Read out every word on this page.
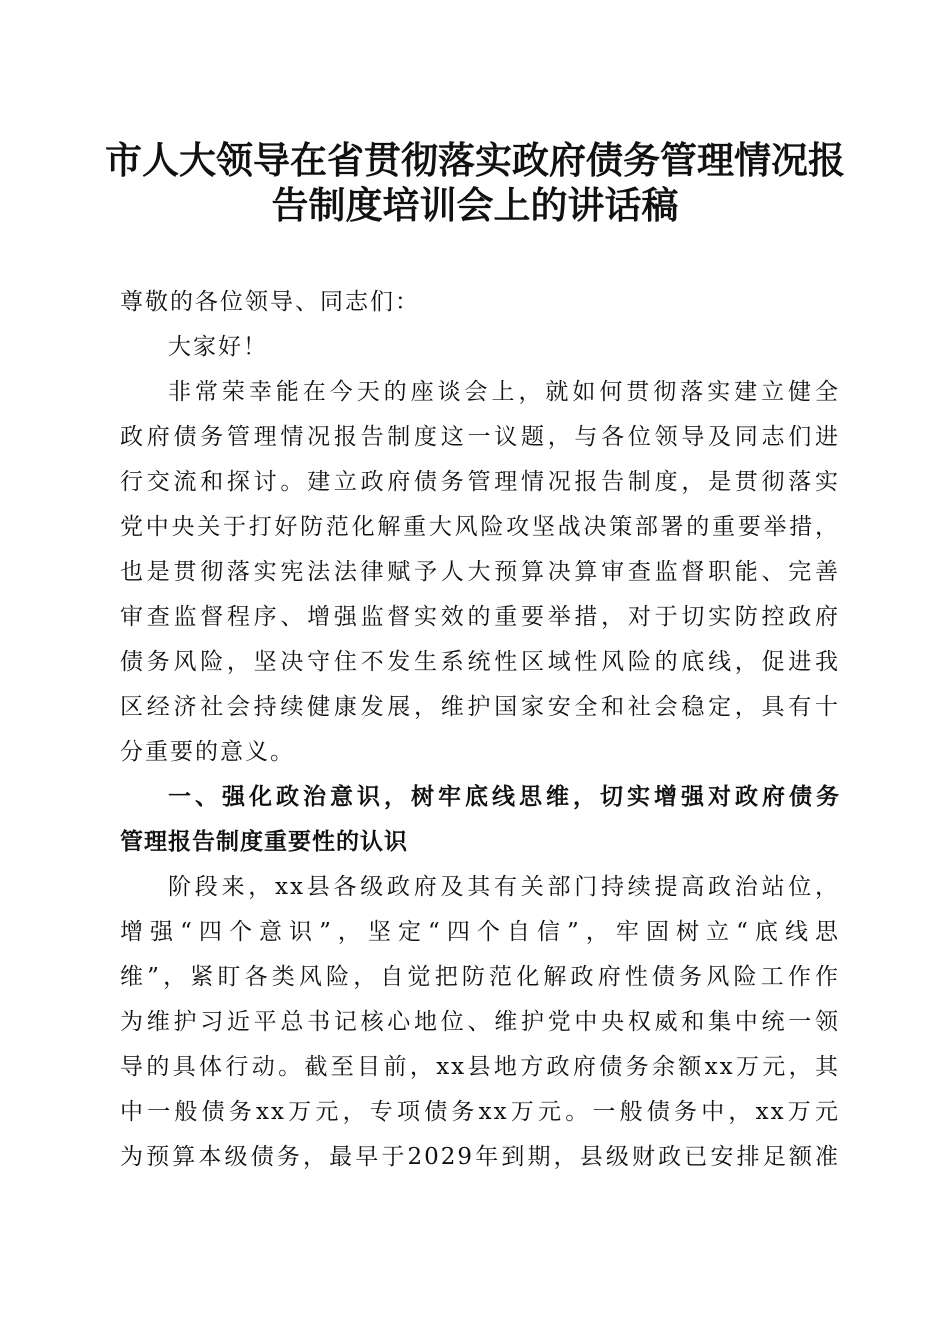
市人大领导在省贯彻落实政府债务管理情况报
告制度培训会上的讲话稿
尊敬的各位领导、同志们：
大家好！
非常荣幸能在今天的座谈会上，就如何贯彻落实建立健全
政府债务管理情况报告制度这一议题，与各位领导及同志们进
行交流和探讨。建立政府债务管理情况报告制度，是贯彻落实
党中央关于打好防范化解重大风险攻坚战决策部署的重要举措，
也是贯彻落实宪法法律赋予人大预算决算审查监督职能、完善
审查监督程序、增强监督实效的重要举措，对于切实防控政府
债务风险，坚决守住不发生系统性区域性风险的底线，促进我
区经济社会持续健康发展，维护国家安全和社会稳定，具有十
分重要的意义。
一、强化政治意识，树牢底线思维，切实增强对政府债务
管理报告制度重要性的认识
阶段来，xx县各级政府及其有关部门持续提高政治站位，
增强“四个意识”，坚定“四个自信”，牢固树立“底线思
维”，紧盯各类风险，自觉把防范化解政府性债务风险工作作
为维护习近平总书记核心地位、维护党中央权威和集中统一领
导的具体行动。截至目前，xx县地方政府债务余额xx万元，其
中一般债务xx万元，专项债务xx万元。一般债务中，xx万元
为预算本级债务，最早于2029年到期，县级财政已安排足额准
